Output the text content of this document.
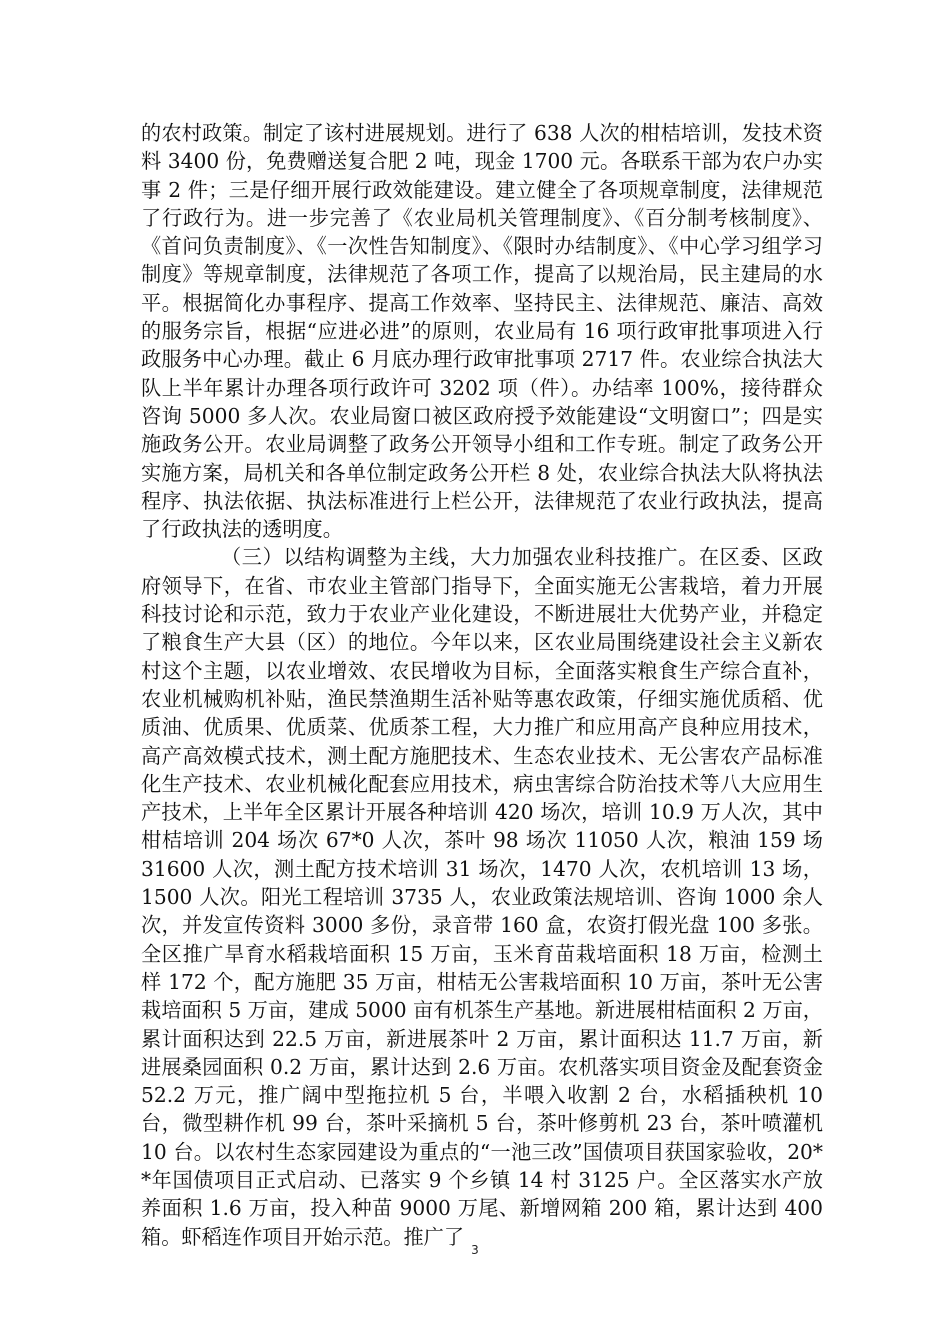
的农村政策。制定了该村进展规划。进行了 638 人次的柑桔培训，发技术资料 3400 份，免费赠送复合肥 2 吨，现金 1700 元。各联系干部为农户办实事 2 件；三是仔细开展行政效能建设。建立健全了各项规章制度，法律规范了行政行为。进一步完善了《农业局机关管理制度》、《百分制考核制度》、《首问负责制度》、《一次性告知制度》、《限时办结制度》、《中心学习组学习制度》等规章制度，法律规范了各项工作，提高了以规治局，民主建局的水平。根据简化办事程序、提高工作效率、坚持民主、法律规范、廉洁、高效的服务宗旨，根据“应进必进”的原则，农业局有 16 项行政审批事项进入行政服务中心办理。截止 6 月底办理行政审批事项 2717 件。农业综合执法大队上半年累计办理各项行政许可 3202 项（件）。办结率 100%，接待群众咨询 5000 多人次。农业局窗口被区政府授予效能建设“文明窗口”；四是实施政务公开。农业局调整了政务公开领导小组和工作专班。制定了政务公开实施方案，局机关和各单位制定政务公开栏 8 处，农业综合执法大队将执法程序、执法依据、执法标准进行上栏公开，法律规范了农业行政执法，提高了行政执法的透明度。

（三）以结构调整为主线，大力加强农业科技推广。在区委、区政府领导下，在省、市农业主管部门指导下，全面实施无公害栽培，着力开展科技讨论和示范，致力于农业产业化建设，不断进展壮大优势产业，并稳定了粮食生产大县（区）的地位。今年以来，区农业局围绕建设社会主义新农村这个主题，以农业增效、农民增收为目标，全面落实粮食生产综合直补，农业机械购机补贴，渔民禁渔期生活补贴等惠农政策，仔细实施优质稻、优质油、优质果、优质菜、优质茶工程，大力推广和应用高产良种应用技术，高产高效模式技术，测土配方施肥技术、生态农业技术、无公害农产品标准化生产技术、农业机械化配套应用技术，病虫害综合防治技术等八大应用生产技术，上半年全区累计开展各种培训 420 场次，培训 10.9 万人次，其中柑桔培训 204 场次 67*0 人次，茶叶 98 场次 11050 人次，粮油 159 场 31600 人次，测土配方技术培训 31 场次，1470 人次，农机培训 13 场，1500 人次。阳光工程培训 3735 人，农业政策法规培训、咨询 1000 余人次，并发宣传资料 3000 多份，录音带 160 盒，农资打假光盘 100 多张。全区推广旱育水稻栽培面积 15 万亩，玉米育苗栽培面积 18 万亩，检测土样 172 个，配方施肥 35 万亩，柑桔无公害栽培面积 10 万亩，茶叶无公害栽培面积 5 万亩，建成 5000 亩有机茶生产基地。新进展柑桔面积 2 万亩，累计面积达到 22.5 万亩，新进展茶叶 2 万亩，累计面积达 11.7 万亩，新进展桑园面积 0.2 万亩，累计达到 2.6 万亩。农机落实项目资金及配套资金 52.2 万元，推广阔中型拖拉机 5 台，半喂入收割 2 台，水稻插秧机 10 台，微型耕作机 99 台，茶叶采摘机 5 台，茶叶修剪机 23 台，茶叶喷灌机 10 台。以农村生态家园建设为重点的“一池三改”国债项目获国家验收，20**年国债项目正式启动、已落实 9 个乡镇 14 村 3125 户。全区落实水产放养面积 1.6 万亩，投入种苗 9000 万尾、新增网箱 200 箱，累计达到 400 箱。虾稻连作项目开始示范。推广了

3
